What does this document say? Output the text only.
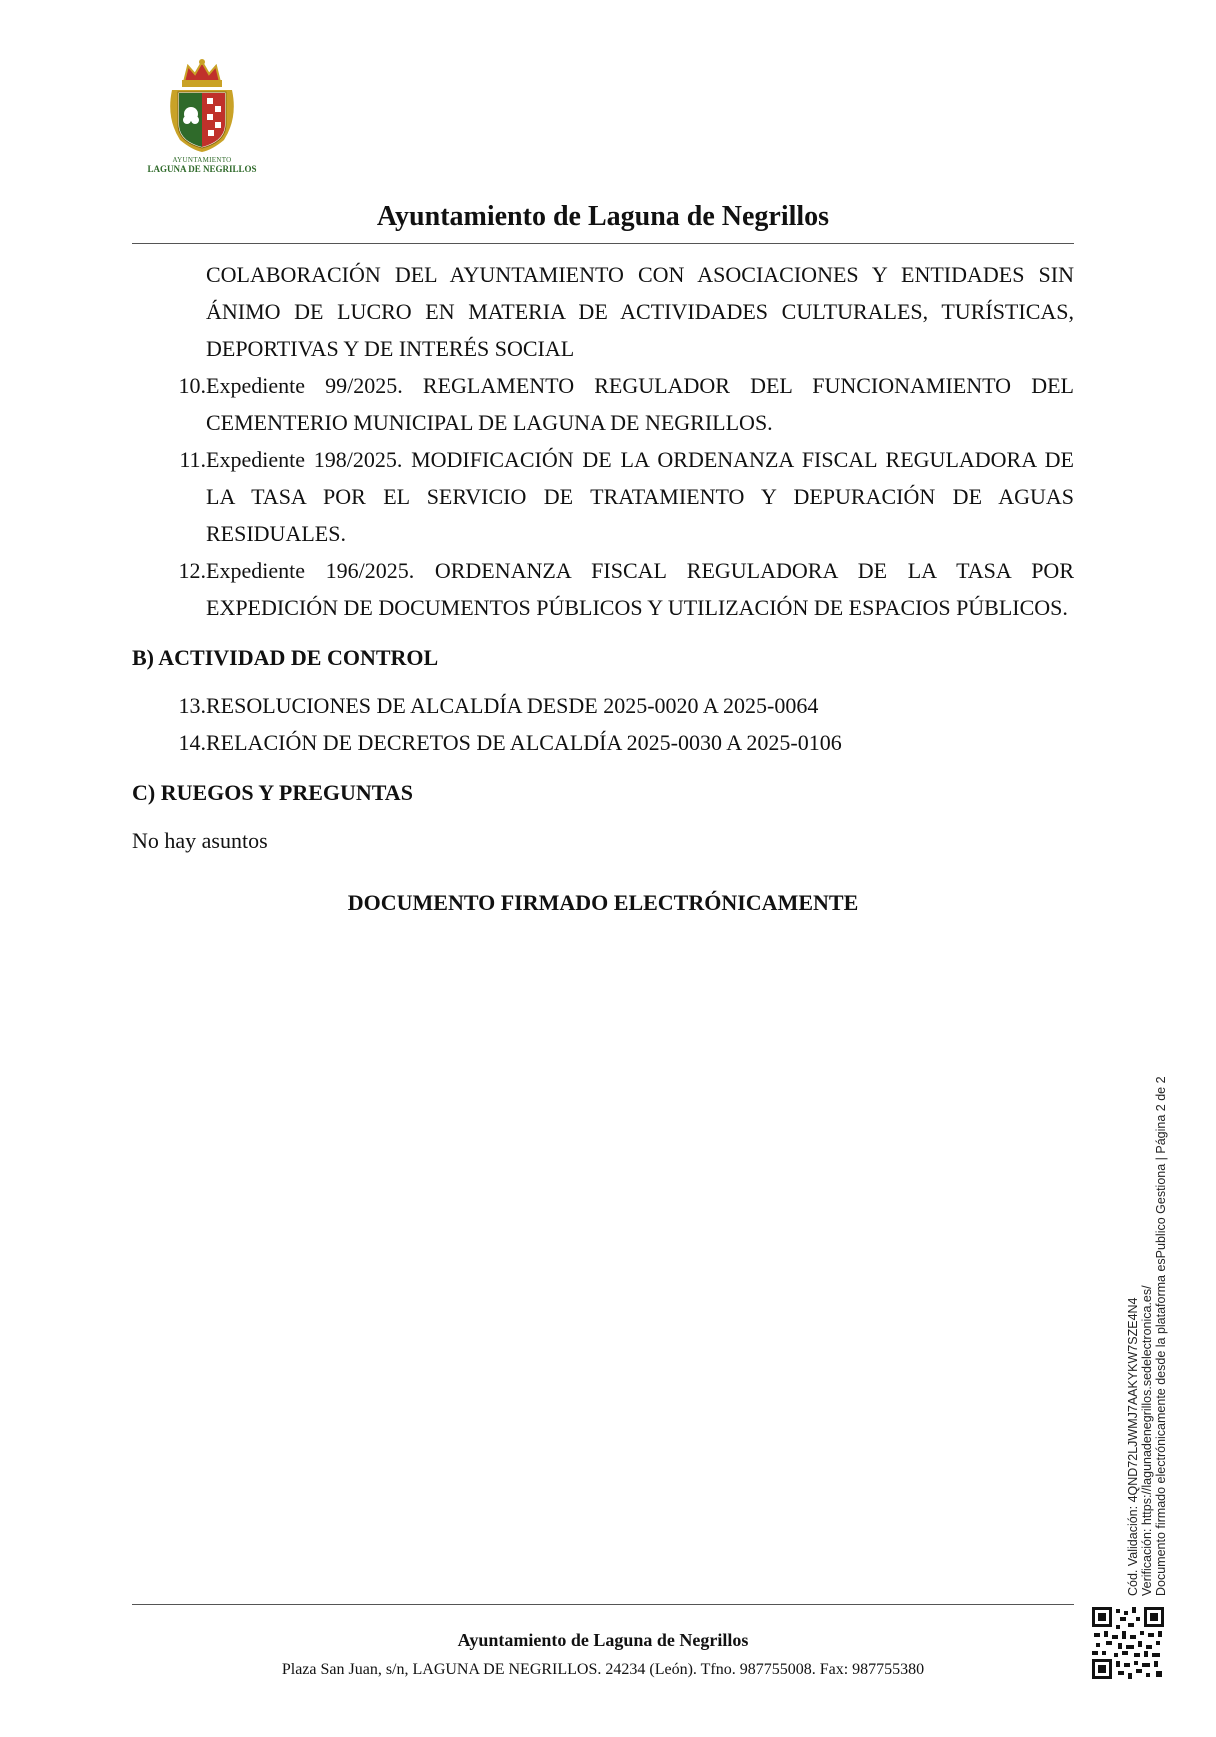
AYUNTAMIENTO
LAGUNA DE NEGRILLOS
Ayuntamiento de Laguna de Negrillos
COLABORACIÓN DEL AYUNTAMIENTO CON ASOCIACIONES Y ENTIDADES SIN ÁNIMO DE LUCRO EN MATERIA DE ACTIVIDADES CULTURALES, TURÍSTICAS, DEPORTIVAS Y DE INTERÉS SOCIAL
10. Expediente 99/2025. REGLAMENTO REGULADOR DEL FUNCIONAMIENTO DEL CEMENTERIO MUNICIPAL DE LAGUNA DE NEGRILLOS.
11. Expediente 198/2025. MODIFICACIÓN DE LA ORDENANZA FISCAL REGULADORA DE LA TASA POR EL SERVICIO DE TRATAMIENTO Y DEPURACIÓN DE AGUAS RESIDUALES.
12. Expediente 196/2025. ORDENANZA FISCAL REGULADORA DE LA TASA POR EXPEDICIÓN DE DOCUMENTOS PÚBLICOS Y UTILIZACIÓN DE ESPACIOS PÚBLICOS.
B) ACTIVIDAD DE CONTROL
13. RESOLUCIONES DE ALCALDÍA DESDE 2025-0020 A 2025-0064
14. RELACIÓN DE DECRETOS DE ALCALDÍA 2025-0030 A 2025-0106
C) RUEGOS Y PREGUNTAS
No hay asuntos
DOCUMENTO FIRMADO ELECTRÓNICAMENTE
Cód. Validación: 4QND72LJWMJ7AAKYKW7SZE4N4 Verificación: https://lagunadenegrillos.sedelectronica.es/ Documento firmado electrónicamente desde la plataforma esPublico Gestiona | Página 2 de 2
Ayuntamiento de Laguna de Negrillos
Plaza San Juan, s/n, LAGUNA DE NEGRILLOS. 24234 (León). Tfno. 987755008. Fax: 987755380
